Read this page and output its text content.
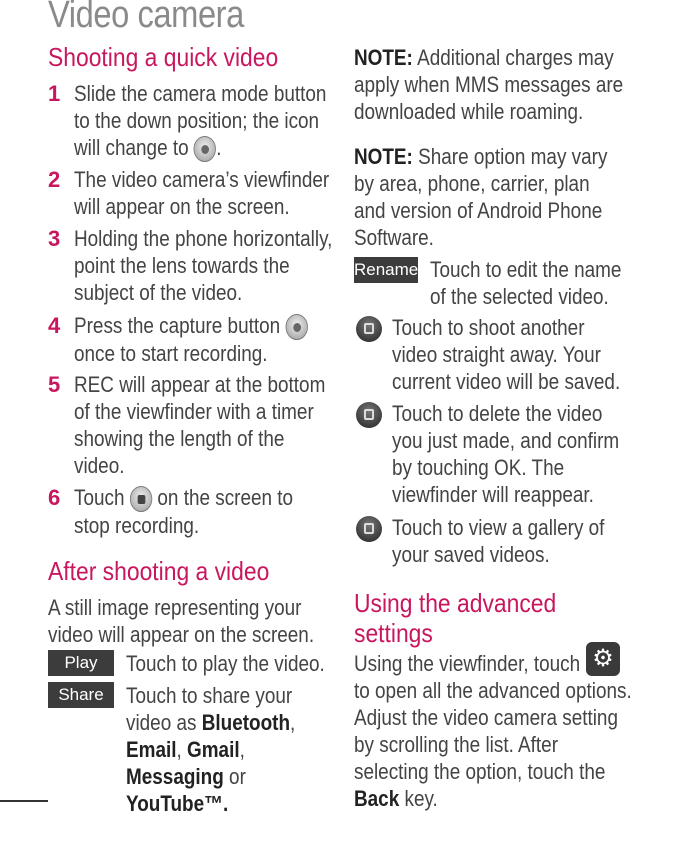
Video camera
Shooting a quick video
1 Slide the camera mode button
to the down position; the icon
will change to .
2 The video camera’s viewfinder
will appear on the screen.
3 Holding the phone horizontally,
point the lens towards the
subject of the video.
4 Press the capture button
once to start recording.
5 REC will appear at the bottom
of the viewfinder with a timer
showing the length of the
video.
6 Touch on the screen to
stop recording.
After shooting a video
A still image representing your
video will appear on the screen.
Play	Touch to play the video.
Share	Touch to share your
video as Bluetooth,
Email, Gmail,
Messaging or
YouTube™.
NOTE: Additional charges may
apply when MMS messages are
downloaded while roaming.
NOTE: Share option may vary
by area, phone, carrier, plan
and version of Android Phone
Software.
Rename Touch to edit the name
of the selected video.
Touch to shoot another
video straight away. Your
current video will be saved.
Touch to delete the video
you just made, and confirm
by touching OK. The
viewfinder will reappear.
Touch to view a gallery of
your saved videos.
Using the advanced
settings
Using the viewfinder, touch
to open all the advanced options.
Adjust the video camera setting
by scrolling the list. After
selecting the option, touch the
Back key.
⚙
